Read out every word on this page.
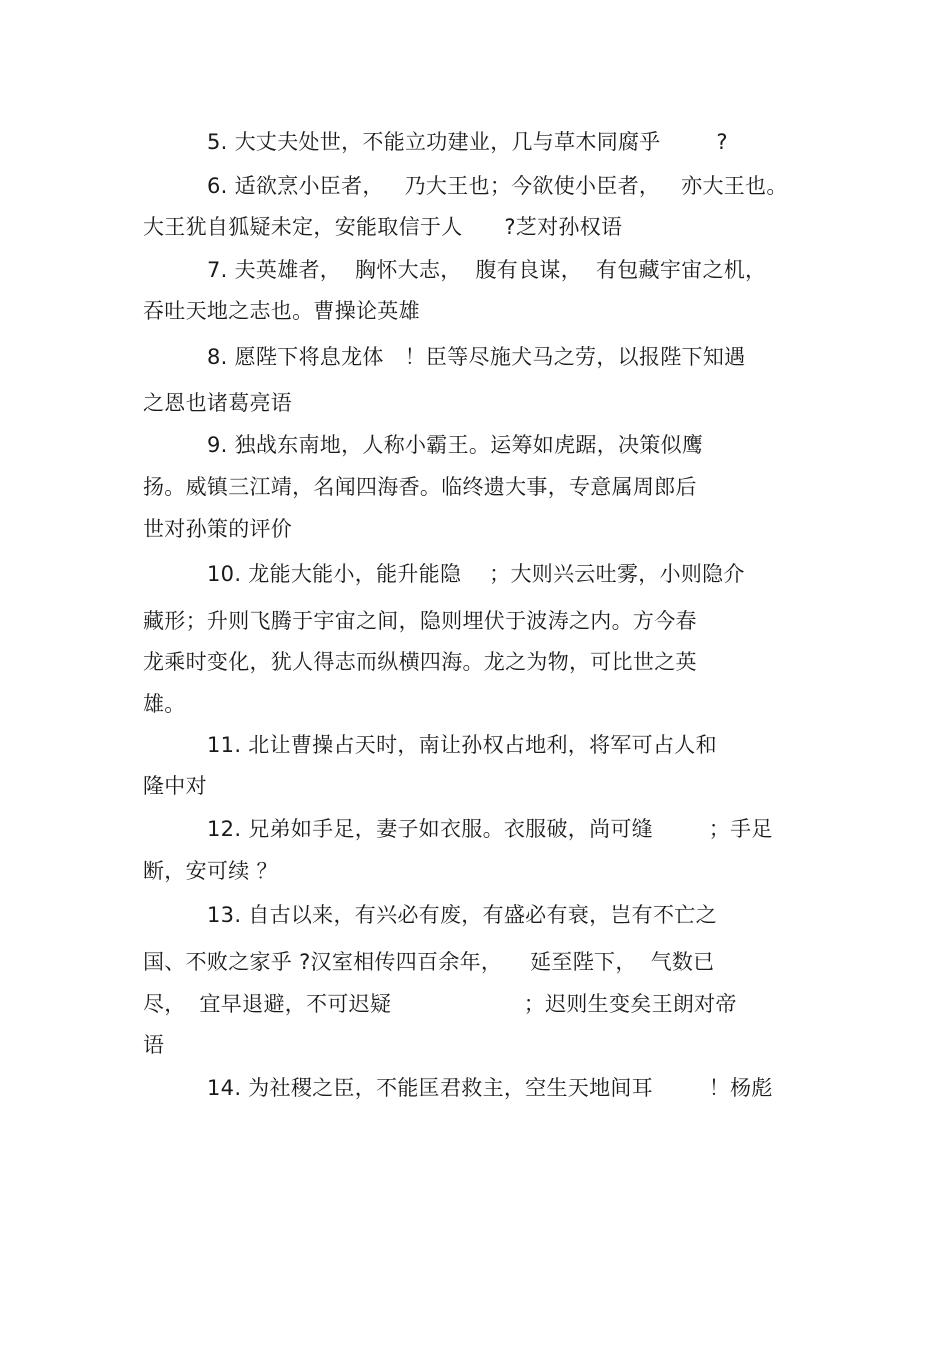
5. 大丈夫处世，不能立功建业，几与草木同腐乎        ?
6. 适欲烹小臣者，   乃大王也；今欲使小臣者，   亦大王也。
大王犹自狐疑未定，安能取信于人      ?芝对孙权语
7. 夫英雄者，  胸怀大志，  腹有良谋，  有包藏宇宙之机，
吞吐天地之志也。曹操论英雄
8. 愿陛下将息龙体   ！臣等尽施犬马之劳，以报陛下知遇
之恩也诸葛亮语
9. 独战东南地，人称小霸王。运筹如虎踞，决策似鹰
扬。威镇三江靖，名闻四海香。临终遗大事，专意属周郎后
世对孙策的评价
10. 龙能大能小，能升能隐    ；大则兴云吐雾，小则隐介
藏形；升则飞腾于宇宙之间，隐则埋伏于波涛之内。方今春
龙乘时变化，犹人得志而纵横四海。龙之为物，可比世之英
雄。
11. 北让曹操占天时，南让孙权占地利，将军可占人和
隆中对
12. 兄弟如手足，妻子如衣服。衣服破，尚可缝        ；手足
断，安可续 ？
13. 自古以来，有兴必有废，有盛必有衰，岂有不亡之
国、不败之家乎 ?汉室相传四百余年，    延至陛下，  气数已
尽，  宜早退避，不可迟疑                   ；迟则生变矣王朗对帝
语
14. 为社稷之臣，不能匡君救主，空生天地间耳        ！杨彪
